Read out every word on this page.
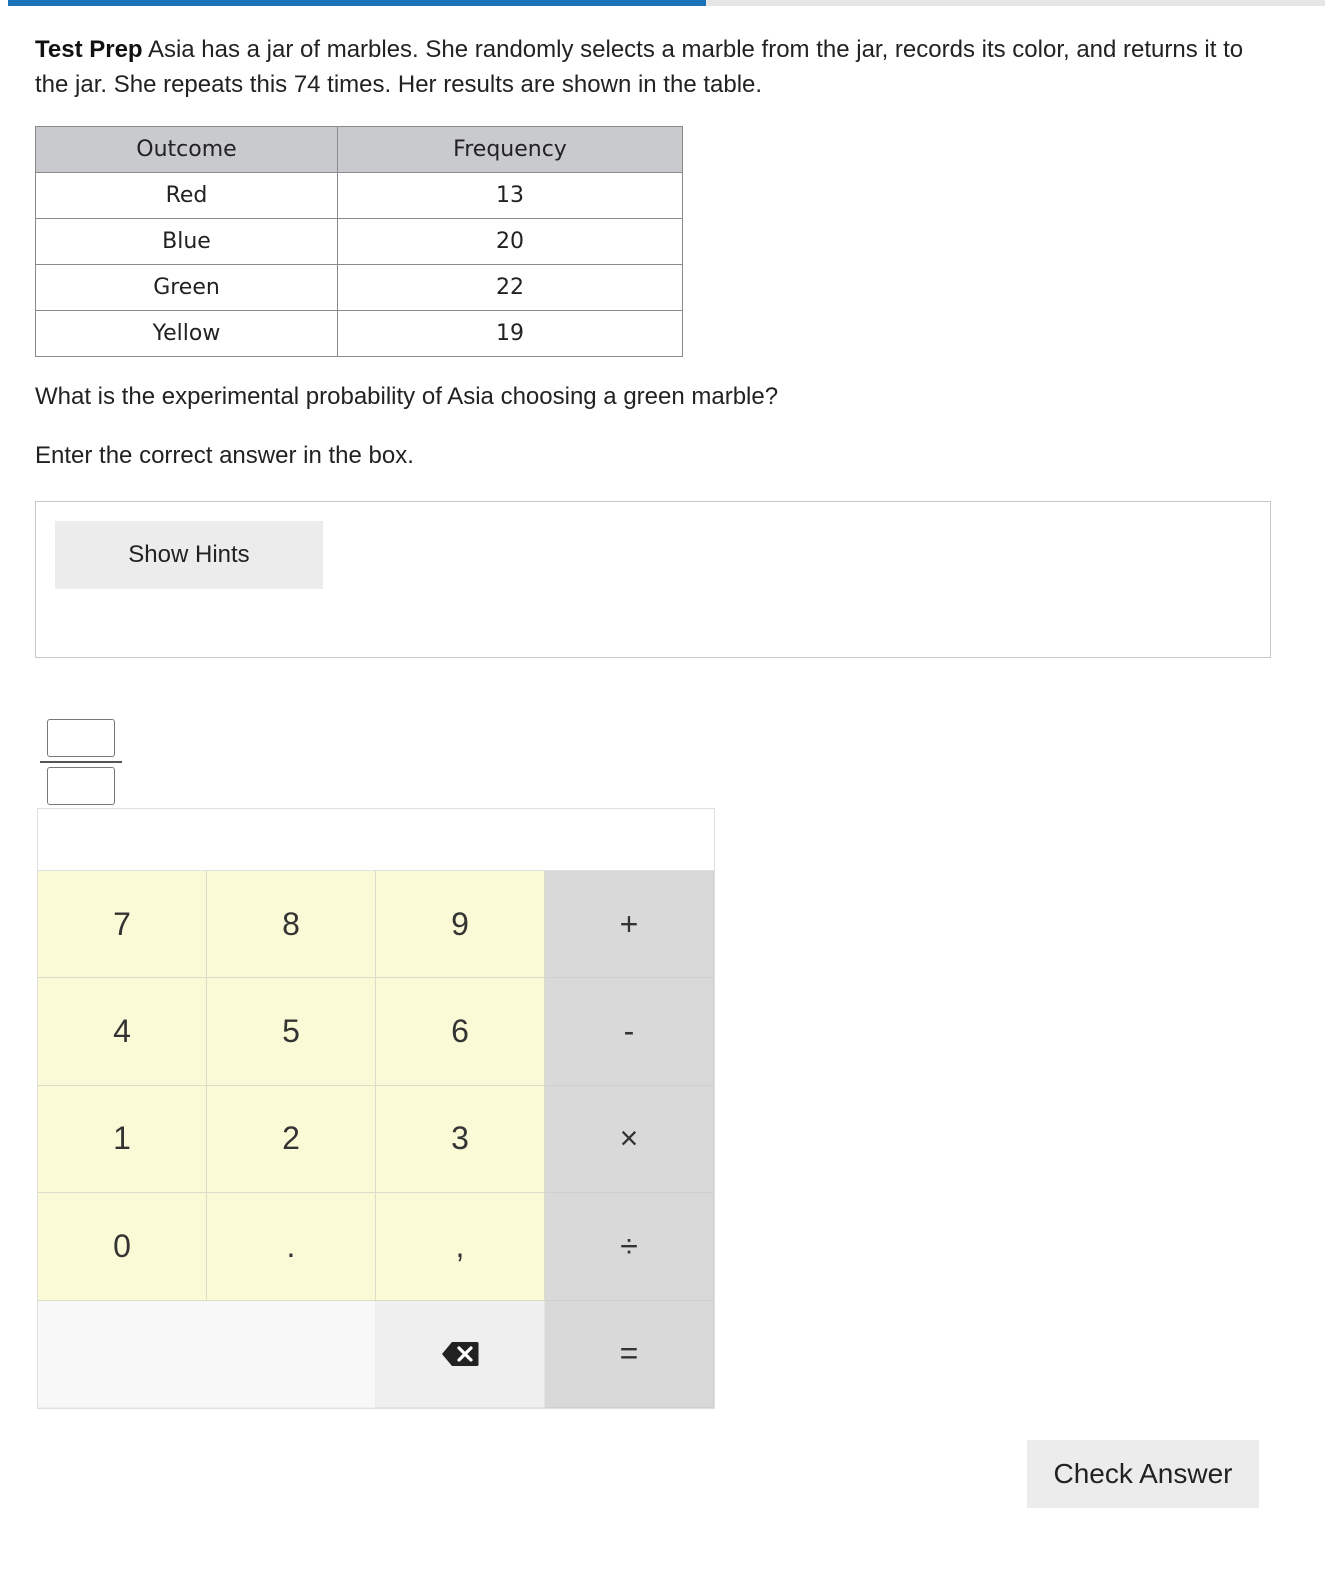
Test Prep Asia has a jar of marbles. She randomly selects a marble from the jar, records its color, and returns it to the jar. She repeats this 74 times. Her results are shown in the table.

Outcome	Frequency
Red	13
Blue	20
Green	22
Yellow	19

What is the experimental probability of Asia choosing a green marble?

Enter the correct answer in the box.

Show Hints
7	8	9	+
4	5	6	-
1	2	3	×
0	.	,	÷
=
Check Answer
